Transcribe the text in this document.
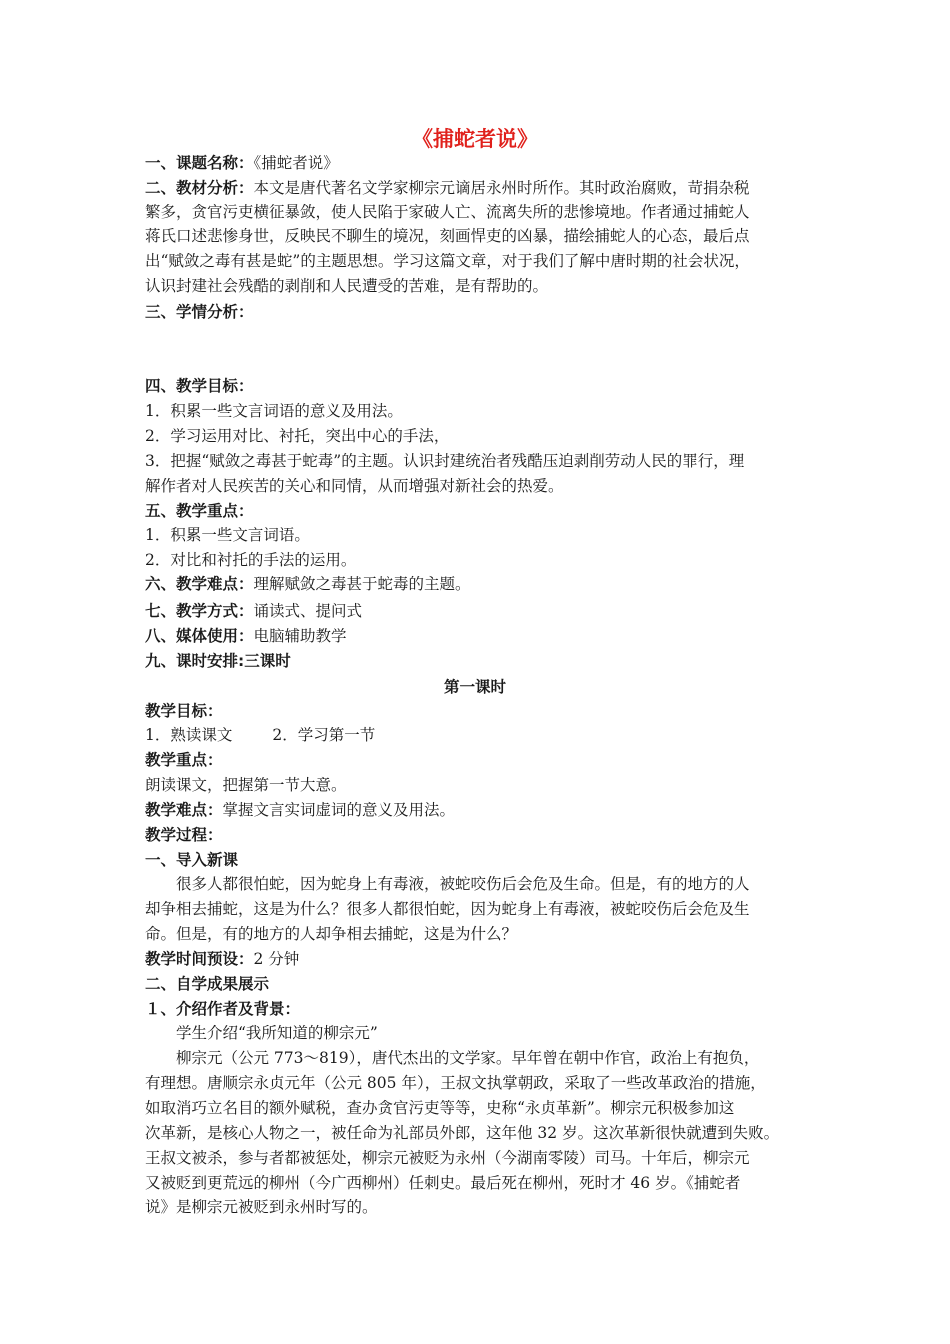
《捕蛇者说》
一、课题名称：《捕蛇者说》
二、教材分析：本文是唐代著名文学家柳宗元谪居永州时所作。其时政治腐败，苛捐杂税
繁多，贪官污吏横征暴敛，使人民陷于家破人亡、流离失所的悲惨境地。作者通过捕蛇人
蒋氏口述悲惨身世，反映民不聊生的境况，刻画悍吏的凶暴，描绘捕蛇人的心态，最后点
出“赋敛之毒有甚是蛇”的主题思想。学习这篇文章，对于我们了解中唐时期的社会状况，
认识封建社会残酷的剥削和人民遭受的苦难，是有帮助的。
三、学情分析：
四、教学目标：
1．积累一些文言词语的意义及用法。
2．学习运用对比、衬托，突出中心的手法，
3．把握“赋敛之毒甚于蛇毒”的主题。认识封建统治者残酷压迫剥削劳动人民的罪行，理
解作者对人民疾苦的关心和同情，从而增强对新社会的热爱。
五、教学重点：
1．积累一些文言词语。
2．对比和衬托的手法的运用。
六、教学难点：理解赋敛之毒甚于蛇毒的主题。
七、教学方式：诵读式、提问式
八、媒体使用：电脑辅助教学
九、课时安排:三课时
第一课时
教学目标：
1．熟读课文	2．学习第一节
教学重点：
朗读课文，把握第一节大意。
教学难点：掌握文言实词虚词的意义及用法。
教学过程：
一、导入新课
很多人都很怕蛇，因为蛇身上有毒液，被蛇咬伤后会危及生命。但是，有的地方的人
却争相去捕蛇，这是为什么？很多人都很怕蛇，因为蛇身上有毒液，被蛇咬伤后会危及生
命。但是，有的地方的人却争相去捕蛇，这是为什么？
教学时间预设：2 分钟
二、自学成果展示
１、介绍作者及背景：
学生介绍“我所知道的柳宗元”
柳宗元（公元 773～819），唐代杰出的文学家。早年曾在朝中作官，政治上有抱负，
有理想。唐顺宗永贞元年（公元 805 年），王叔文执掌朝政，采取了一些改革政治的措施，
如取消巧立名目的额外赋税，查办贪官污吏等等，史称“永贞革新”。柳宗元积极参加这
次革新，是核心人物之一，被任命为礼部员外郎，这年他 32 岁。这次革新很快就遭到失败。
王叔文被杀，参与者都被惩处，柳宗元被贬为永州（今湖南零陵）司马。十年后，柳宗元
又被贬到更荒远的柳州（今广西柳州）任刺史。最后死在柳州，死时才 46 岁。《捕蛇者
说》是柳宗元被贬到永州时写的。
